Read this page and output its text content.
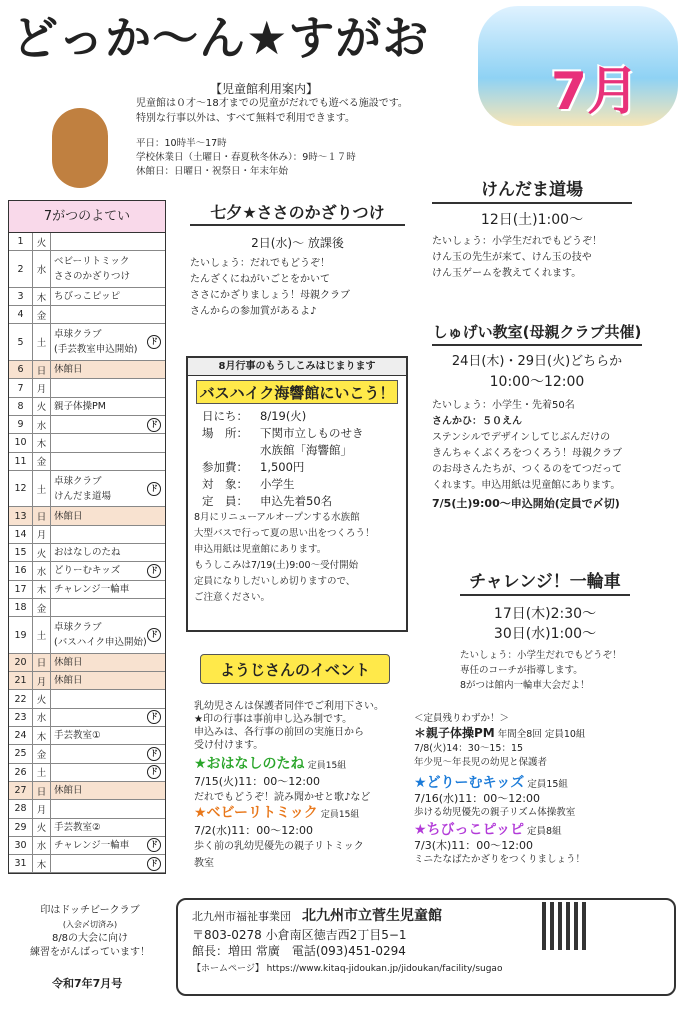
どっか〜ん★すがお
7月
【児童館利用案内】
児童館は０才〜18才までの児童がだれでも遊べる施設です。
特別な行事以外は、すべて無料で利用できます。
平日：10時半〜17時
学校休業日（土曜日・春夏秋冬休み）：9時〜１７時
休館日：日曜日・祝祭日・年末年始
7がつのよてい
1	火
2	水
ベビーリトミック
ささのかざりつけ
3	木 ちびっこピッピ
4	金
5	土
卓球クラブ
(手芸教室申込開始)
ド
6	日 休館日
7	月
8	火 親子体操PM
9	水	ド
10	木
11	金
12	土
卓球クラブ
けんだま道場
ド
13	日 休館日
14	月
15	火 おはなしのたね
16	水 どりーむキッズ	ド
17	木 チャレンジ一輪車
18	金
19	土
卓球クラブ
(バスハイク申込開始)
ド
20	日 休館日
21	月 休館日
22	火
23	水	ド
24	木 手芸教室①
25	金	ド
26	土	ド
27	日 休館日
28	月
29	火 手芸教室②
30	水 チャレンジ一輪車	ド
31	木	ド
印はドッチビークラブ
(入会〆切済み)
8/8の大会に向け
練習をがんばっています！
令和7年7月号
七夕★ささのかざりつけ
2日(水)〜 放課後

たいしょう：だれでもどうぞ！

たんざくにねがいごとをかいて

ささにかざりましょう！母親クラブ

さんからの参加賞があるよ♪

8月行事のもうしこみはじまります
バスハイク海響館にいこう！
日にち：	8/19(火)
場　所：	下関市立しものせき
水族館「海響館」
参加費：	1,500円
対　象：	小学生
定　員：	申込先着50名

8月にリニューアルオープンする水族館

大型バスで行って夏の思い出をつくろう！

申込用紙は児童館にあります。

もうしこみは7/19(土)9:00〜受付開始

定員になりしだいしめ切りますので、

ご注意ください。

ようじさんのイベント
乳幼児さんは保護者同伴でご利用下さい。
★印の行事は事前申し込み制です。
申込みは、各行事の前回の実施日から
受け付けます。
★おはなしのたね 定員15組
7/15(火)11：00〜12:00
だれでもどうぞ！読み聞かせと歌♪など
★ベビーリトミック 定員15組
7/2(水)11：00〜12:00
歩く前の乳幼児優先の親子リトミック
教室
けんだま道場
12日(土)1:00〜

たいしょう：小学生だれでもどうぞ！

けん玉の先生が来て、けん玉の技や

けん玉ゲームを教えてくれます。

しゅげい教室(母親クラブ共催)
24日(木)・29日(火)どちらか
10:00〜12:00

たいしょう：小学生・先着50名

さんかひ：５０えん

ステンシルでデザインしてじぶんだけの

きんちゃくぶくろをつくろう！母親クラブ

のお母さんたちが、つくるのをてつだって

くれます。申込用紙は児童館にあります。

7/5(土)9:00〜申込開始(定員で〆切)

チャレンジ！一輪車
17日(木)2:30〜
30日(水)1:00〜

たいしょう：小学生だれでもどうぞ！

専任のコーチが指導します。

8がつは館内一輪車大会だよ！

＜定員残りわずか！＞
＊親子体操PM 年間全8回 定員10組
7/8(火)14：30〜15：15
年少児〜年長児の幼児と保護者
★どりーむキッズ 定員15組
7/16(水)11：00〜12:00
歩ける幼児優先の親子リズム体操教室
★ちびっこピッピ 定員8組
7/3(木)11：00〜12:00
ミニたなばたかざりをつくりましょう！
北九州市福祉事業団　 北九州市立菅生児童館
〒803-0278 小倉南区徳吉西2丁目5−1
館長：増田 常廣　 電話(093)451-0294
【ホームページ】 https://www.kitaq-jidoukan.jp/jidoukan/facility/sugao
